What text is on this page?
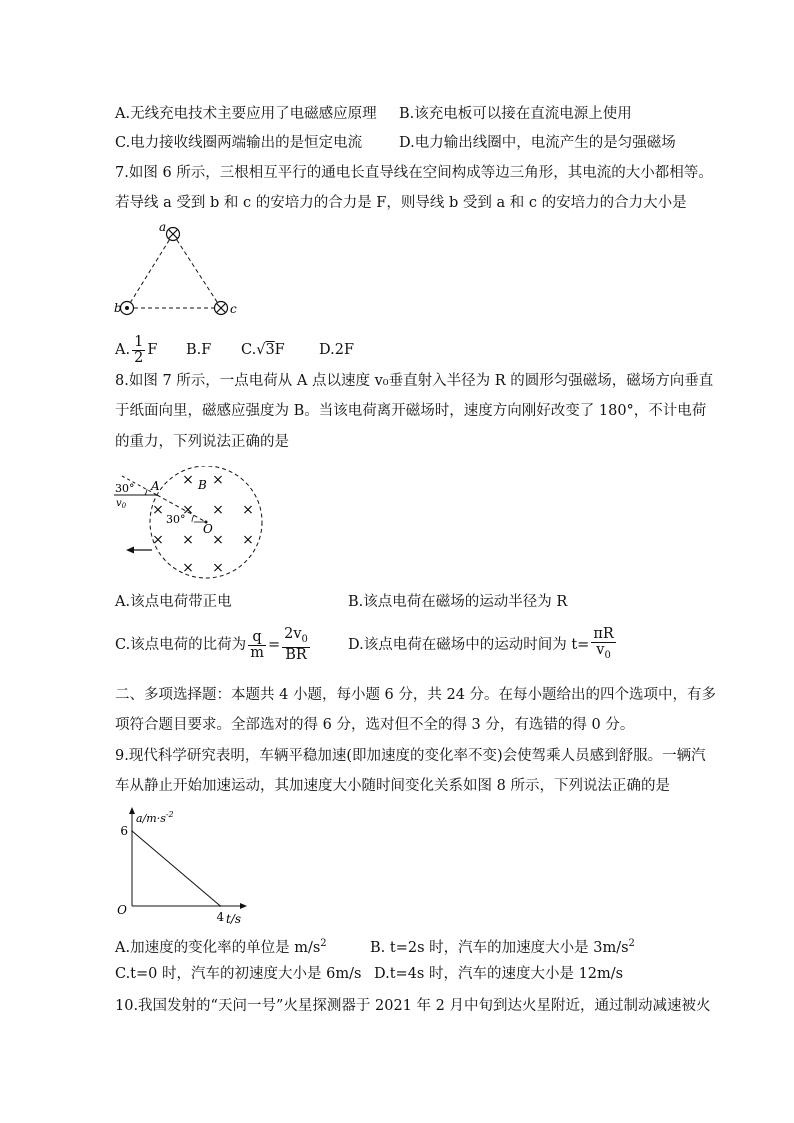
A.无线充电技术主要应用了电磁感应原理 B.该充电板可以接在直流电源上使用
C.电力接收线圈两端输出的是恒定电流	D.电力输出线圈中，电流产生的是匀强磁场
7.如图 6 所示，三根相互平行的通电长直导线在空间构成等边三角形，其电流的大小都相等。
若导线 a 受到 b 和 c 的安培力的合力是 F，则导线 b 受到 a 和 c 的安培力的合力大小是
a
b	c
A. $\frac{1}{2}$ F B.F C.√3F D.2F
8.如图 7 所示，一点电荷从 A 点以速度 v₀垂直射入半径为 R 的圆形匀强磁场，磁场方向垂直
于纸面向里，磁感应强度为 B。当该电荷离开磁场时，速度方向刚好改变了 180°，不计电荷
的重力，下列说法正确的是
30°
30°
A	B
O
$v_0$
× ×
× × × ×
× × × ×
× ×
A.该点电荷带正电	B.该点电荷在磁场的运动半径为 R
C.该点电荷的比荷为 $\frac{q}{m} = \frac{2v_0}{BR}$	D.该点电荷在磁场中的运动时间为 $t= \frac{\pi R}{v_0}$
二、多项选择题：本题共 4 小题，每小题 6 分，共 24 分。在每小题给出的四个选项中，有多
项符合题目要求。全部选对的得 6 分，选对但不全的得 3 分，有选错的得 0 分。
9.现代科学研究表明，车辆平稳加速(即加速度的变化率不变)会使驾乘人员感到舒服。一辆汽
车从静止开始加速运动，其加速度大小随时间变化关系如图 8 所示，下列说法正确的是
4
6
O
t/s
$a/m\cdot s^{-2}$
A.加速度的变化率的单位是 $m/s^2$	B. t=2s 时，汽车的加速度大小是 $3m/s^2$
C.t=0 时，汽车的初速度大小是 6m/s D.t=4s 时，汽车的速度大小是 12m/s
10.我国发射的“天问一号”火星探测器于 2021 年 2 月中旬到达火星附近，通过制动减速被火
